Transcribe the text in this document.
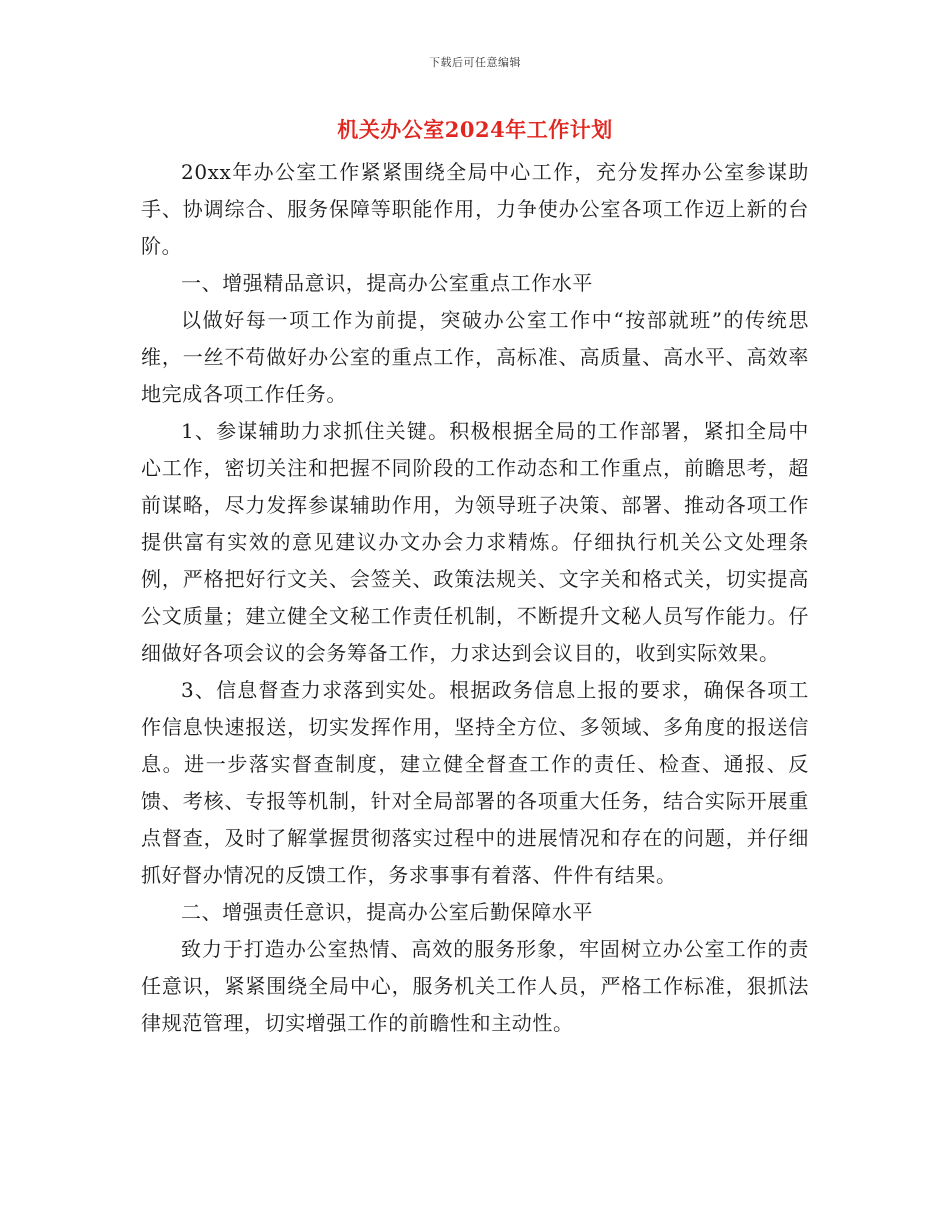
下载后可任意编辑
机关办公室2024年工作计划

20xx年办公室工作紧紧围绕全局中心工作，充分发挥办公室参谋助手、协调综合、服务保障等职能作用，力争使办公室各项工作迈上新的台阶。

一、增强精品意识，提高办公室重点工作水平

以做好每一项工作为前提，突破办公室工作中“按部就班”的传统思维，一丝不苟做好办公室的重点工作，高标准、高质量、高水平、高效率地完成各项工作任务。

1、参谋辅助力求抓住关键。积极根据全局的工作部署，紧扣全局中心工作，密切关注和把握不同阶段的工作动态和工作重点，前瞻思考，超前谋略，尽力发挥参谋辅助作用，为领导班子决策、部署、推动各项工作提供富有实效的意见建议办文办会力求精炼。仔细执行机关公文处理条例，严格把好行文关、会签关、政策法规关、文字关和格式关，切实提高公文质量；建立健全文秘工作责任机制，不断提升文秘人员写作能力。仔细做好各项会议的会务筹备工作，力求达到会议目的，收到实际效果。

3、信息督查力求落到实处。根据政务信息上报的要求，确保各项工作信息快速报送，切实发挥作用，坚持全方位、多领域、多角度的报送信息。进一步落实督查制度，建立健全督查工作的责任、检查、通报、反馈、考核、专报等机制，针对全局部署的各项重大任务，结合实际开展重点督查，及时了解掌握贯彻落实过程中的进展情况和存在的问题，并仔细抓好督办情况的反馈工作，务求事事有着落、件件有结果。

二、增强责任意识，提高办公室后勤保障水平

致力于打造办公室热情、高效的服务形象，牢固树立办公室工作的责任意识，紧紧围绕全局中心，服务机关工作人员，严格工作标准，狠抓法律规范管理，切实增强工作的前瞻性和主动性。
